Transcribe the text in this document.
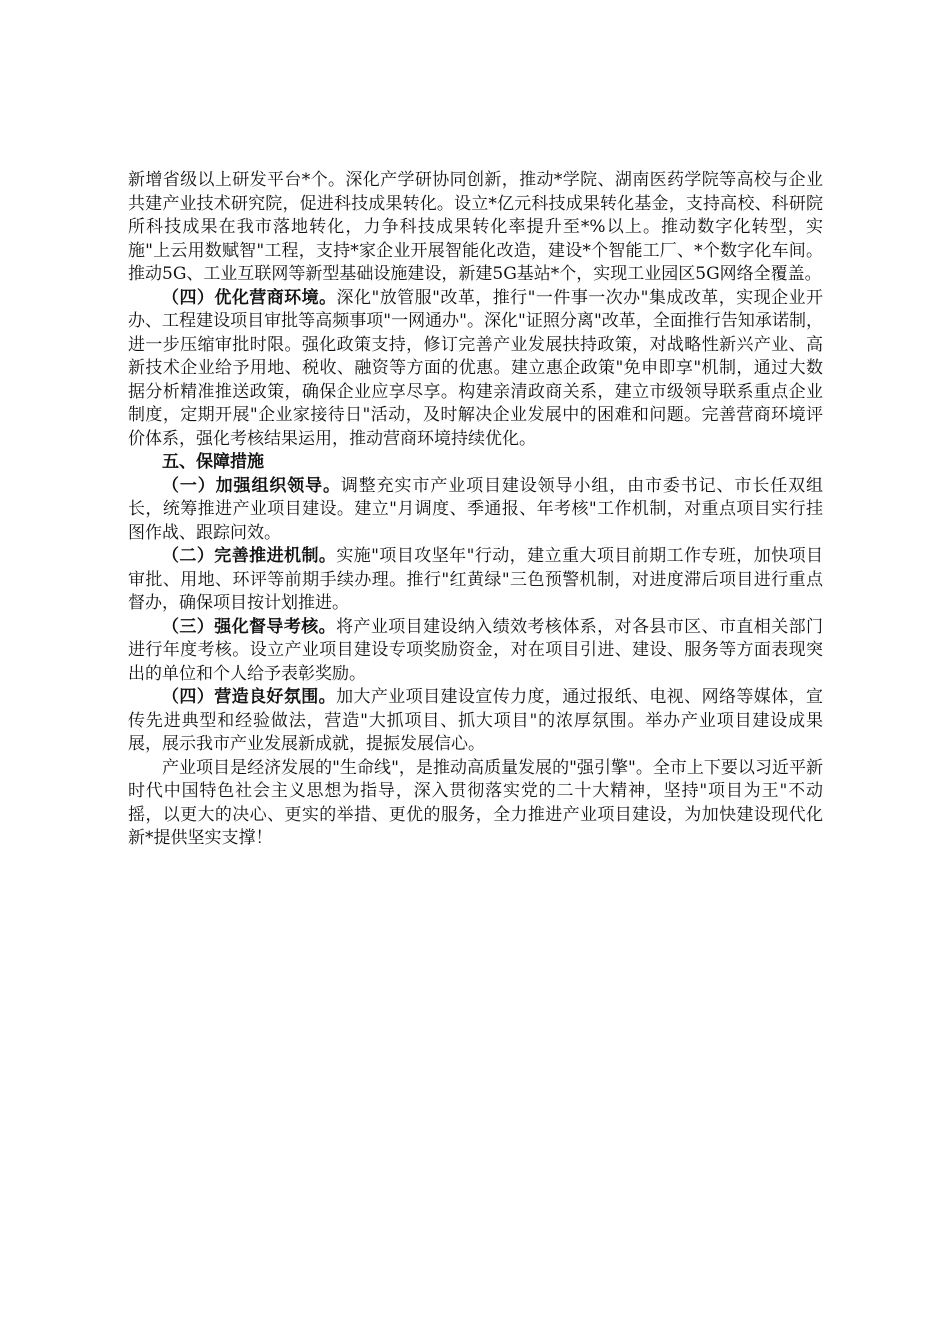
新增省级以上研发平台*个。深化产学研协同创新，推动*学院、湖南医药学院等高校与企业共建产业技术研究院，促进科技成果转化。设立*亿元科技成果转化基金，支持高校、科研院所科技成果在我市落地转化，力争科技成果转化率提升至*%以上。推动数字化转型，实施"上云用数赋智"工程，支持*家企业开展智能化改造，建设*个智能工厂、*个数字化车间。推动5G、工业互联网等新型基础设施建设，新建5G基站*个，实现工业园区5G网络全覆盖。

（四）优化营商环境。深化"放管服"改革，推行"一件事一次办"集成改革，实现企业开办、工程建设项目审批等高频事项"一网通办"。深化"证照分离"改革，全面推行告知承诺制，进一步压缩审批时限。强化政策支持，修订完善产业发展扶持政策，对战略性新兴产业、高新技术企业给予用地、税收、融资等方面的优惠。建立惠企政策"免申即享"机制，通过大数据分析精准推送政策，确保企业应享尽享。构建亲清政商关系，建立市级领导联系重点企业制度，定期开展"企业家接待日"活动，及时解决企业发展中的困难和问题。完善营商环境评价体系，强化考核结果运用，推动营商环境持续优化。

五、保障措施

（一）加强组织领导。调整充实市产业项目建设领导小组，由市委书记、市长任双组长，统筹推进产业项目建设。建立"月调度、季通报、年考核"工作机制，对重点项目实行挂图作战、跟踪问效。

（二）完善推进机制。实施"项目攻坚年"行动，建立重大项目前期工作专班，加快项目审批、用地、环评等前期手续办理。推行"红黄绿"三色预警机制，对进度滞后项目进行重点督办，确保项目按计划推进。

（三）强化督导考核。将产业项目建设纳入绩效考核体系，对各县市区、市直相关部门进行年度考核。设立产业项目建设专项奖励资金，对在项目引进、建设、服务等方面表现突出的单位和个人给予表彰奖励。

（四）营造良好氛围。加大产业项目建设宣传力度，通过报纸、电视、网络等媒体，宣传先进典型和经验做法，营造"大抓项目、抓大项目"的浓厚氛围。举办产业项目建设成果展，展示我市产业发展新成就，提振发展信心。

产业项目是经济发展的"生命线"，是推动高质量发展的"强引擎"。全市上下要以习近平新时代中国特色社会主义思想为指导，深入贯彻落实党的二十大精神，坚持"项目为王"不动摇，以更大的决心、更实的举措、更优的服务，全力推进产业项目建设，为加快建设现代化新*提供坚实支撑！
